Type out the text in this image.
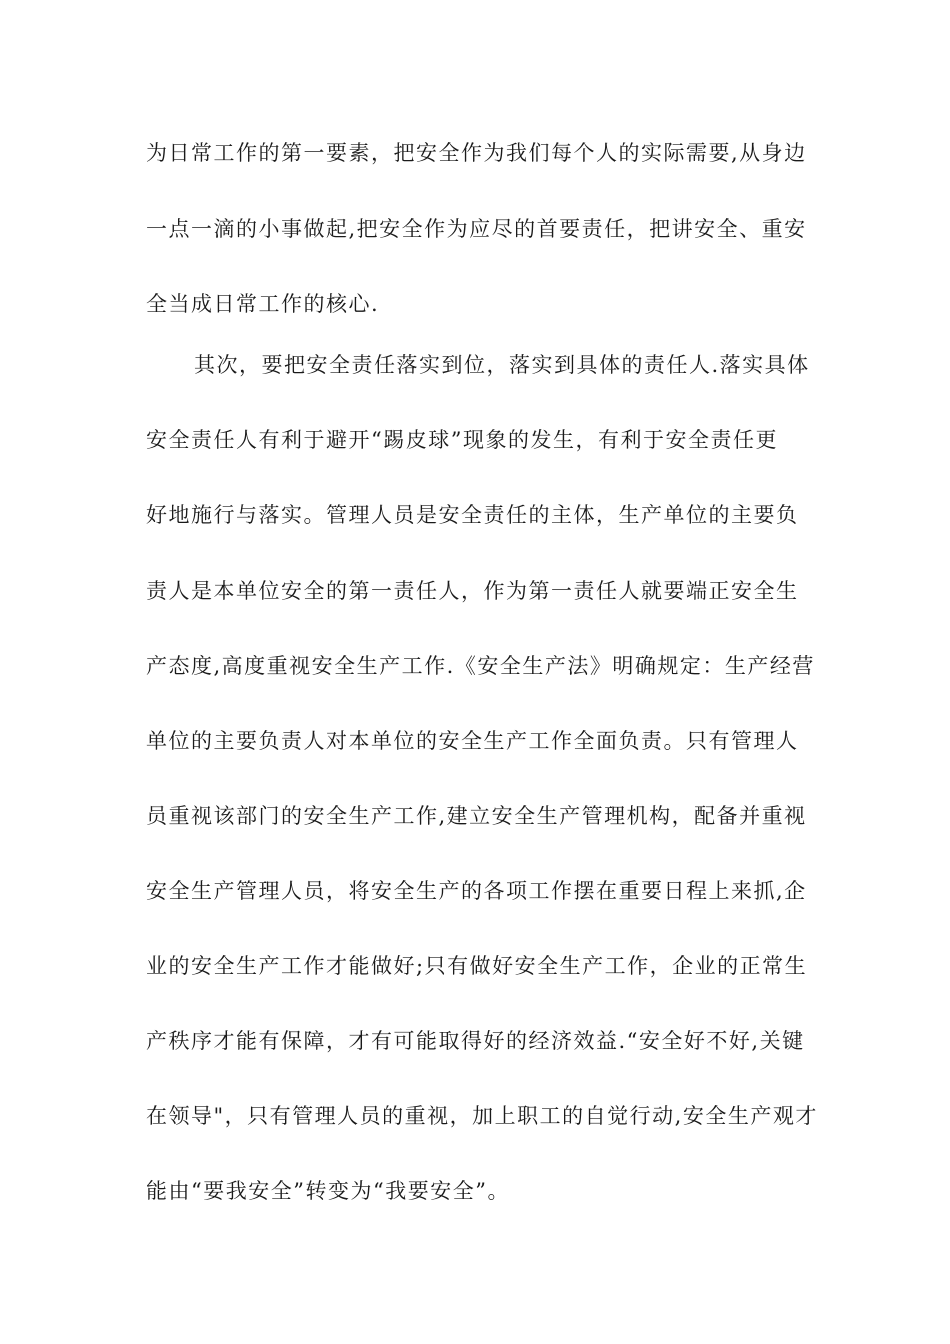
为日常工作的第一要素，把安全作为我们每个人的实际需要,从身边
一点一滴的小事做起,把安全作为应尽的首要责任，把讲安全、重安
全当成日常工作的核心.
其次，要把安全责任落实到位，落实到具体的责任人.落实具体
安全责任人有利于避开“踢皮球”现象的发生，有利于安全责任更
好地施行与落实。管理人员是安全责任的主体，生产单位的主要负
责人是本单位安全的第一责任人，作为第一责任人就要端正安全生
产态度,高度重视安全生产工作.《安全生产法》明确规定：生产经营
单位的主要负责人对本单位的安全生产工作全面负责。只有管理人
员重视该部门的安全生产工作,建立安全生产管理机构，配备并重视
安全生产管理人员，将安全生产的各项工作摆在重要日程上来抓,企
业的安全生产工作才能做好;只有做好安全生产工作，企业的正常生
产秩序才能有保障，才有可能取得好的经济效益.“安全好不好,关键
在领导"，只有管理人员的重视，加上职工的自觉行动,安全生产观才
能由“要我安全”转变为“我要安全”。
